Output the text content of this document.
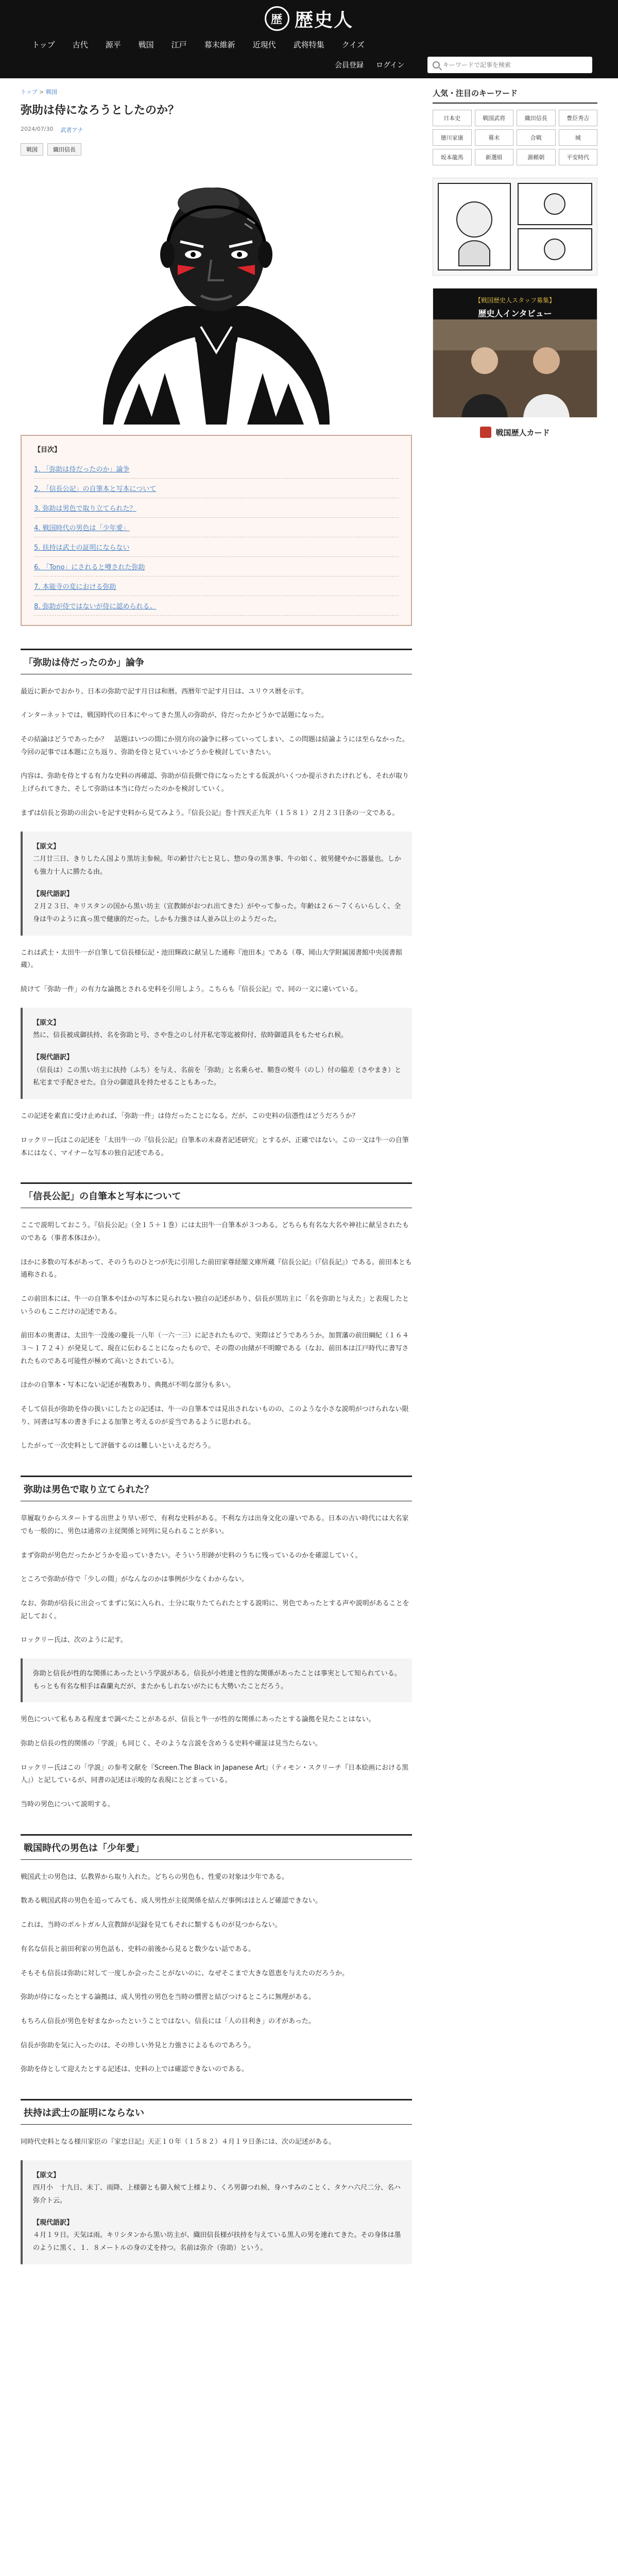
歴 歴史人
トップ 古代 源平 戦国 江戸 幕末維新 近現代 武将特集 クイズ
会員登録 ログイン
キーワードで記事を検索
トップ > 戦国
弥助は侍になろうとしたのか？
2024/07/30 武者アナ
戦国	織田信長
【目次】
1. 「弥助は侍だったのか」論争
2. 「信長公記」の自筆本と写本について
3. 弥助は男色で取り立てられた？
4. 戦国時代の男色は「少年愛」
5. 扶持は武士の証明にならない
6. 「Tono」にされると噂された弥助
7. 本能寺の変における弥助
8. 弥助が侍ではないが侍に認められる。
「弥助は侍だったのか」論争

最近に新かでおかり、日本の弥助で記す月日は和暦。西暦年で記す月日は、ユリウス暦を示す。

インターネットでは、戦国時代の日本にやってきた黒人の弥助が、侍だったかどうかで話題になった。

その結論はどうであったか？　話題はいつの間にか別方向の論争に移っていってしまい、この問題は結論ようには至らなかった。今回の記事では本題に立ち返り、弥助を侍と見ていいかどうかを検討していきたい。

内容は、弥助を侍とする有力な史料の再確認、弥助が信長側で侍になったとする仮説がいくつか提示されたけれども、それが取り上げられてきた、そして弥助は本当に侍だったのかを検討していく。

まずは信長と弥助の出会いを記す史料から見てみよう。『信長公記』巻十四天正九年（１５８１）２月２３日条の一文である。

【原文】
二月廿三日、きりしたん国より黒坊主参候。年の齢廿六七と見し、惣の身の黒き事、牛の如く、彼男健やかに器量也。しかも強力十人に勝たる由。
【現代語訳】
２月２３日、キリスタンの国から黒い坊主（宣教師がおつれ出てきた）がやって参った。年齢は２６〜７くらいらしく、全身は牛のように真っ黒で健康的だった。しかも力強さは人並み以上のようだった。

これは武士・太田牛一が自筆して信長様伝記・池田輝政に献呈した通称『池田本』である（尊、岡山大学附属図書館中央図書館蔵）。

続けて「弥助一件」の有力な論拠とされる史料を引用しよう。こちらも『信長公記』で、同の一文に違いている。

【原文】
然に、信長被成御扶持、名を弥助と号、さや巻之のし付并私宅等迄被仰付、依時御道具をもたせられ候。
【現代語訳】
（信長は）この黒い坊主に扶持（ふち）を与え、名前を「弥助」と名乗らせ、鞘巻の熨斗（のし）付の脇差（さやまき）と私宅まで手配させた。自分の御道具を持たせることもあった。

この記述を素直に受け止めれば、「弥助一件」は侍だったことになる。だが、この史料の信憑性はどうだろうか？

ロックリー氏はこの記述を「太田牛一の『信長公記』自筆本の末裔者記述研究」とするが、正確ではない。この一文は牛一の自筆本にはなく、マイナーな写本の独自記述である。

「信長公記」の自筆本と写本について

ここで説明しておこう。『信長公記』（全１５＋１巻）には太田牛一自筆本が３つある。どちらも有名な大名や神社に献呈されたものである（事者本体ほか）。

ほかに多数の写本があって、そのうちのひとつが先に引用した前田家尊経閣文庫所蔵『信長公記』（『信長記』）である。前田本とも通称される。

この前田本には、牛一の自筆本やほかの写本に見られない独自の記述があり、信長が黒坊主に「名を弥助と与えた」と表現したというのもここだけの記述である。

前田本の奥書は、太田牛一没後の慶長一八年（一六一三）に記されたもので、実際はどうであろうか。加賀藩の前田綱紀（１６４３〜１７２４）が発見して、現在に伝わることになったもので、その際の由緒が不明瞭である（なお、前田本は江戸時代に書写されたものである可能性が極めて高いとされている）。

ほかの自筆本・写本にない記述が複数あり、典拠が不明な部分も多い。

そして信長が弥助を侍の扱いにしたとの記述は、牛一の自筆本では見出されないものの、このような小さな説明がつけられない限り、同書は写本の書き手による加筆と考えるのが妥当であるように思われる。

したがって一次史料として評価するのは難しいといえるだろう。

弥助は男色で取り立てられた？

草履取りからスタートする出世より早い形で、有利な史料がある。不利な方は出身文化の違いである。日本の古い時代には大名家でも一般的に、男色は通常の主従関係と同列に見られることが多い。

まず弥助が男色だったかどうかを追っていきたい。そういう形跡が史料のうちに残っているのかを確認していく。

ところで弥助が侍で「少しの間」がなんなのかは事例が少なくわからない。

なお、弥助が信長に出会ってまずに気に入られ、士分に取りたてられたとする説明に、男色であったとする声や説明があることを記しておく。

ロックリー氏は、次のように記す。

弥助と信長が性的な関係にあったという学説がある。信長が小姓達と性的な関係があったことは事実として知られている。もっとも有名な相手は森蘭丸だが、またかもしれないがたにも大勢いたことだろう。

男色について私もある程度まで調べたことがあるが、信長と牛一が性的な関係にあったとする論拠を見たことはない。

弥助と信長の性的関係の「学説」も同じく、そのような言説を含めうる史料や確証は見当たらない。

ロックリー氏はこの「学説」の参考文献を『Screen.The Black in Japanese Art』（ティモン・スクリーチ『日本絵画における黒人』）と記しているが、同書の記述は示唆的な表現にとどまっている。

当時の男色について説明する。

戦国時代の男色は「少年愛」

戦国武士の男色は、仏教界から取り入れた。どちらの男色も、性愛の対象は少年である。

数ある戦国武将の男色を追ってみても、成人男性が主従関係を結んだ事例はほとんど確認できない。

これは、当時のポルトガル人宣教師が記録を見てもそれに類するものが見つからない。

有名な信長と前田利家の男色話も、史料の前後から見ると数少ない話である。

そもそも信長は弥助に対して一度しか会ったことがないのに、なぜそこまで大きな恩恵を与えたのだろうか。

弥助が侍になったとする論拠は、成人男性の男色を当時の慣習と結びつけるところに無理がある。

もちろん信長が男色を好まなかったということではない。信長には「人の目利き」の才があった。

信長が弥助を気に入ったのは、その珍しい外見と力強さによるものであろう。

弥助を侍として迎えたとする記述は、史料の上では確認できないのである。

扶持は武士の証明にならない

同時代史料となる様川家臣の『家忠日記』天正１０年（１５８２）４月１９日条には、次の記述がある。

【原文】
四月小　十九日、未丁、雨降、上様御とも御入候て上様より、くろ男御つれ候、身ハすみのことく、タケハ六尺二分、名ハ弥介ト云。
【現代語訳】
４月１９日。天気は雨。キリシタンから黒い坊主が、織田信長様が扶持を与えている黒人の男を連れてきた。その身体は墨のように黒く、１．８メートルの身の丈を持つ。名前は弥介（弥助）という。
人気・注目のキーワード
日本史	戦国武将	織田信長	豊臣秀吉
徳川家康	幕末	合戦	城
坂本龍馬	新選組	源頼朝	平安時代
【戦国歴史人スタッフ募集】
歴史人インタビュー
戦国歴人カード
